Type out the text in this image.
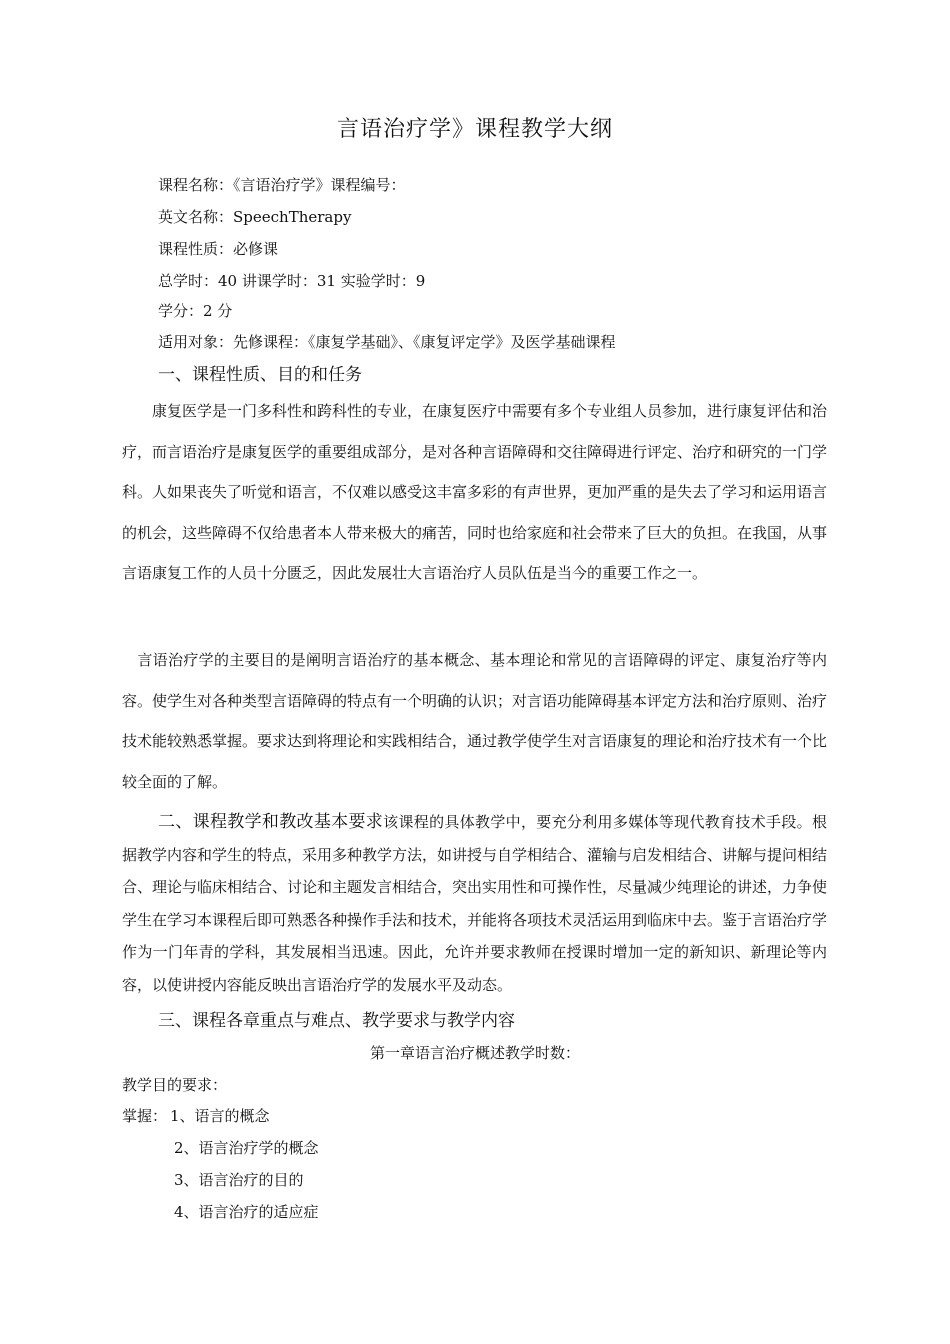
言语治疗学》课程教学大纲
课程名称：《言语治疗学》课程编号：
英文名称：SpeechTherapy
课程性质：必修课
总学时：40 讲课学时：31 实验学时：9
学分：2 分
适用对象：先修课程：《康复学基础》、《康复评定学》及医学基础课程
一、课程性质、目的和任务
　　康复医学是一门多科性和跨科性的专业，在康复医疗中需要有多个专业组人员参加，进行康复评估和治疗，而言语治疗是康复医学的重要组成部分，是对各种言语障碍和交往障碍进行评定、治疗和研究的一门学科。人如果丧失了听觉和语言，不仅难以感受这丰富多彩的有声世界，更加严重的是失去了学习和运用语言的机会，这些障碍不仅给患者本人带来极大的痛苦，同时也给家庭和社会带来了巨大的负担。在我国，从事言语康复工作的人员十分匮乏，因此发展壮大言语治疗人员队伍是当今的重要工作之一。
　言语治疗学的主要目的是阐明言语治疗的基本概念、基本理论和常见的言语障碍的评定、康复治疗等内容。使学生对各种类型言语障碍的特点有一个明确的认识；对言语功能障碍基本评定方法和治疗原则、治疗技术能较熟悉掌握。要求达到将理论和实践相结合，通过教学使学生对言语康复的理论和治疗技术有一个比较全面的了解。
二、课程教学和教改基本要求该课程的具体教学中，要充分利用多媒体等现代教育技术手段。根据教学内容和学生的特点，采用多种教学方法，如讲授与自学相结合、灌输与启发相结合、讲解与提问相结合、理论与临床相结合、讨论和主题发言相结合，突出实用性和可操作性，尽量减少纯理论的讲述，力争使学生在学习本课程后即可熟悉各种操作手法和技术，并能将各项技术灵活运用到临床中去。鉴于言语治疗学作为一门年青的学科，其发展相当迅速。因此，允许并要求教师在授课时增加一定的新知识、新理论等内容，以使讲授内容能反映出言语治疗学的发展水平及动态。
三、课程各章重点与难点、教学要求与教学内容
第一章语言治疗概述教学时数：
教学目的要求：
掌握： 1、语言的概念
2、语言治疗学的概念
3、语言治疗的目的
4、语言治疗的适应症
